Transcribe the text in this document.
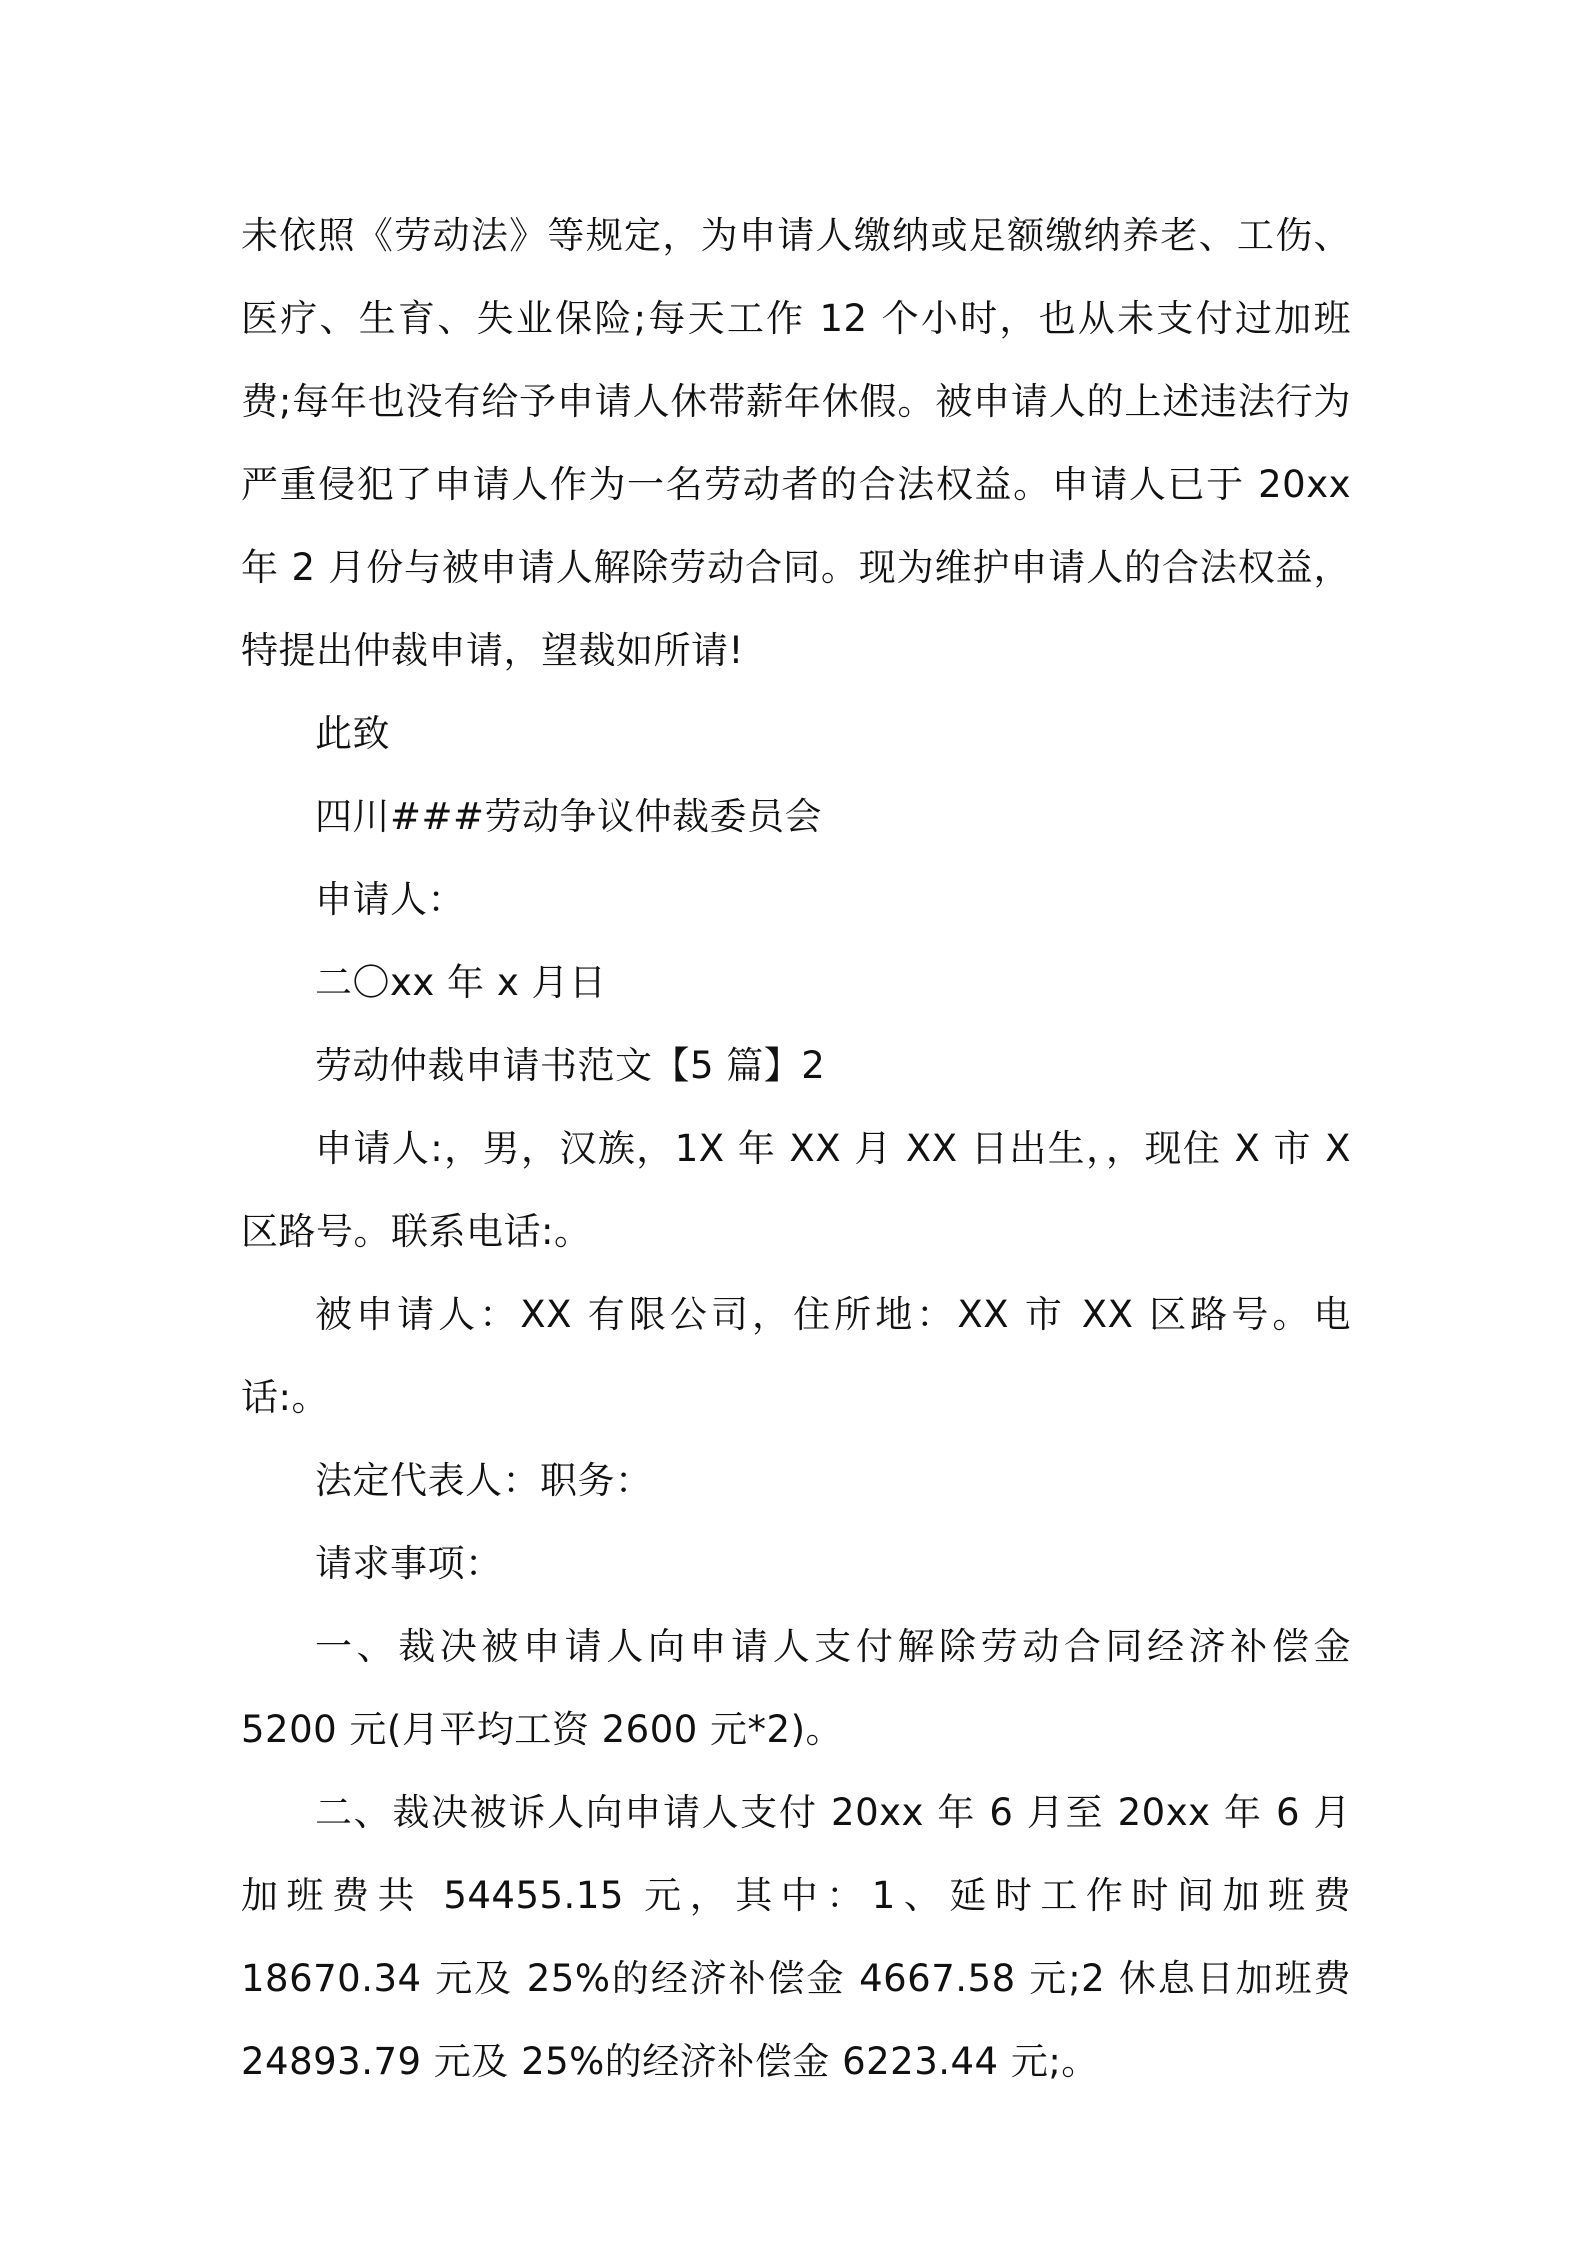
未依照《劳动法》等规定，为申请人缴纳或足额缴纳养老、工伤、医疗、生育、失业保险;每天工作 12 个小时，也从未支付过加班费;每年也没有给予申请人休带薪年休假。被申请人的上述违法行为严重侵犯了申请人作为一名劳动者的合法权益。申请人已于 20xx 年 2 月份与被申请人解除劳动合同。现为维护申请人的合法权益，特提出仲裁申请，望裁如所请!

此致

四川###劳动争议仲裁委员会

申请人：

二〇xx 年 x 月日

劳动仲裁申请书范文【5 篇】2

申请人:，男，汉族，1X 年 XX 月 XX 日出生，，现住 X 市 X 区路号。联系电话:。

被申请人：XX 有限公司，住所地：XX 市 XX 区路号。电话:。

法定代表人：职务：

请求事项：

一、裁决被申请人向申请人支付解除劳动合同经济补偿金 5200 元(月平均工资 2600 元*2)。

二、裁决被诉人向申请人支付 20xx 年 6 月至 20xx 年 6 月加班费共 54455.15 元，其中：1、延时工作时间加班费 18670.34 元及 25%的经济补偿金 4667.58 元;2 休息日加班费 24893.79 元及 25%的经济补偿金 6223.44 元;。
